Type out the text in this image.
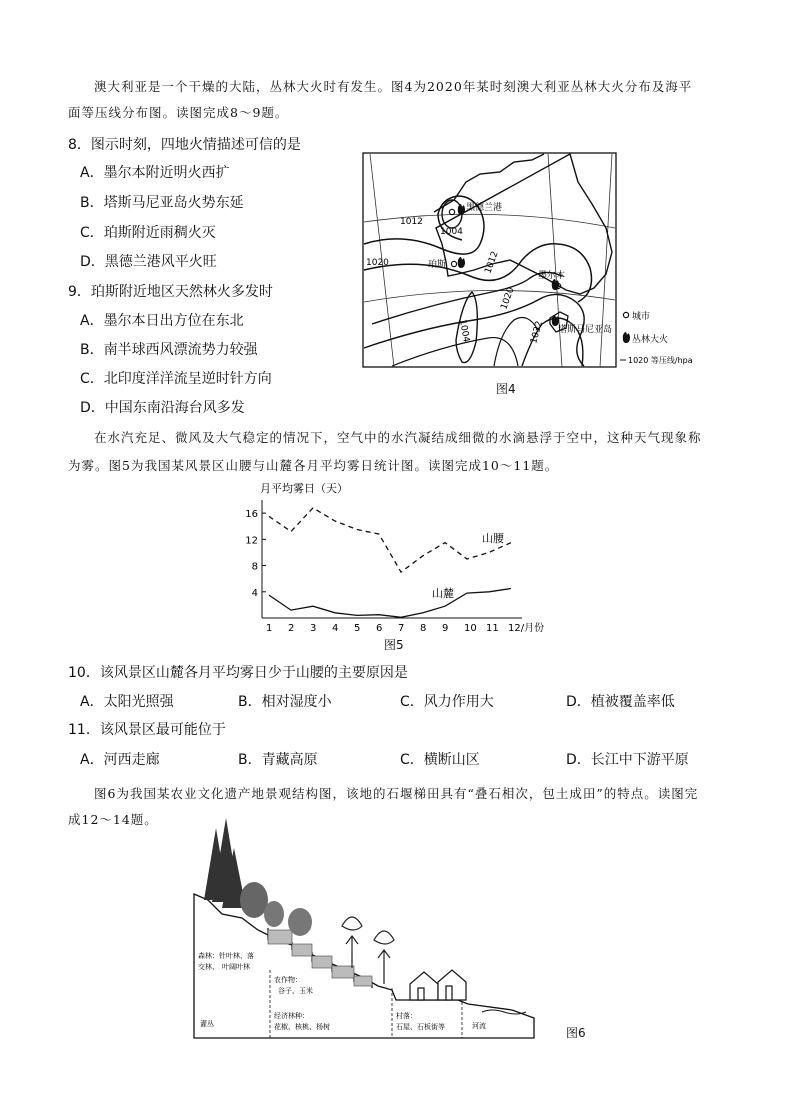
澳大利亚是一个干燥的大陆，丛林大火时有发生。图4为2020年某时刻澳大利亚丛林大火分布及海平
面等压线分布图。读图完成8～9题。
8．图示时刻，四地火情描述可信的是
A．墨尔本附近明火西扩
B．塔斯马尼亚岛火势东延
C．珀斯附近雨稠火灭
D．黑德兰港风平火旺
9．珀斯附近地区天然林火多发时
A．墨尔本日出方位在东北
B．南半球西风漂流势力较强
C．北印度洋洋流呈逆时针方向
D．中国东南沿海台风多发
1012
1004
1020	1012
1020
1004	1032
黑德兰港
珀斯
墨尔本
塔斯马尼亚岛
城市
丛林大火
1020 等压线/hpa
图4
在水汽充足、微风及大气稳定的情况下，空气中的水汽凝结成细微的水滴悬浮于空中，这种天气现象称
为雾。图5为我国某风景区山腰与山麓各月平均雾日统计图。读图完成10～11题。
月平均雾日（天）
4
8
12
16
1 2 3 4 5 6 7 8 9 10 11 12/月份
山腰
山麓
图5
10．该风景区山麓各月平均雾日少于山腰的主要原因是
A．太阳光照强	B．相对湿度小	C．风力作用大	D．植被覆盖率低
11．该风景区最可能位于
A．河西走廊	B．青藏高原	C．横断山区	D．长江中下游平原
图6为我国某农业文化遗产地景观结构图，该地的石堰梯田具有“叠石相次，包土成田”的特点。读图完
成12～14题。
森林：针叶林、落
交林、 叶阔叶林
农作物：
谷子、玉米
灌丛
经济林种：
花椒、核桃、杨树
村落：
石屋、石板街等	河流	图6
